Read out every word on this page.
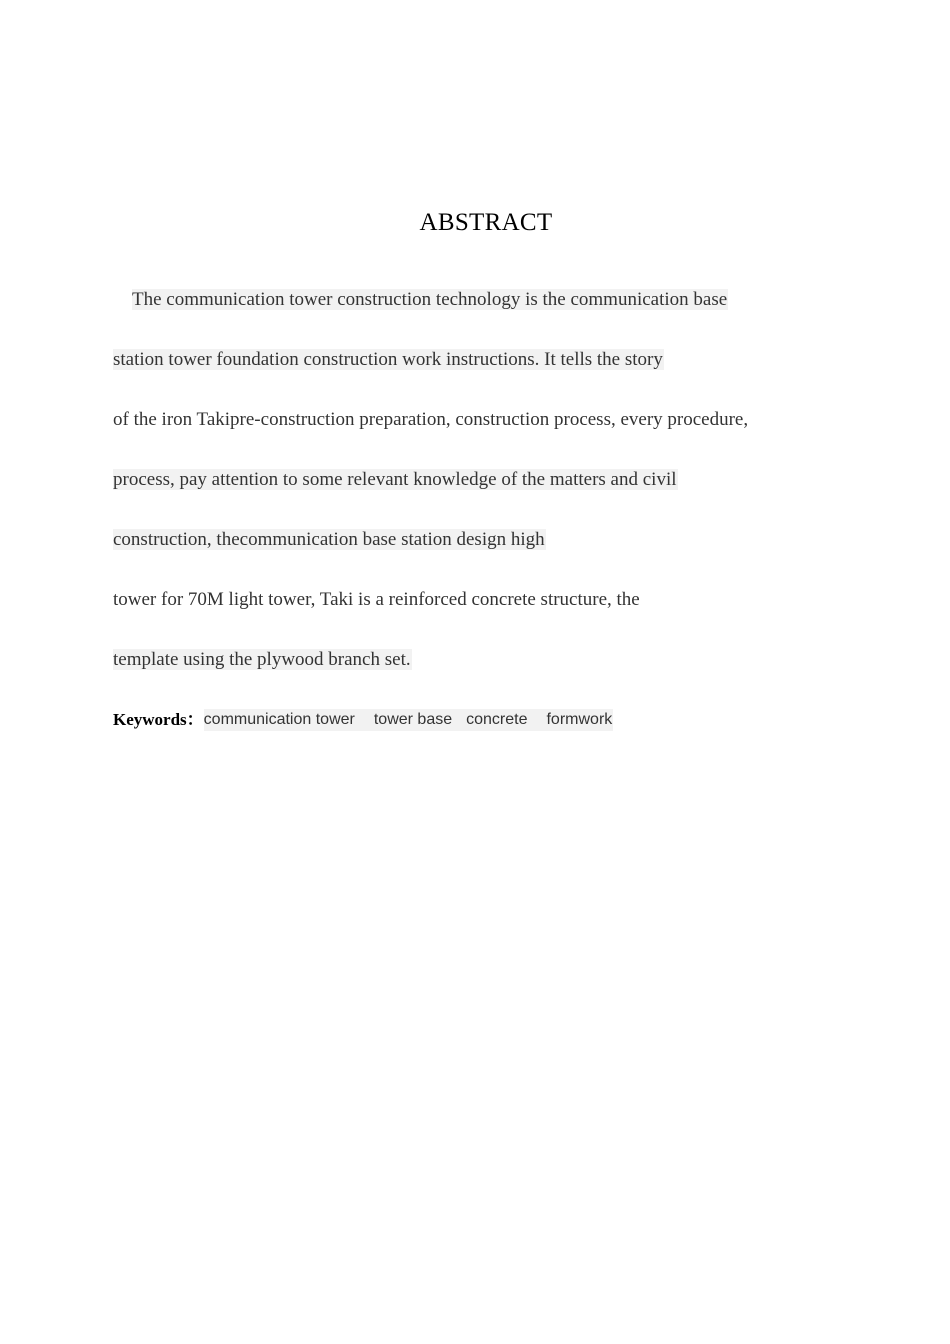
ABSTRACT
The communication tower construction technology is the communication base
station tower foundation construction work instructions. It tells the story
of the iron Takipre-construction preparation, construction process, every procedure,
process, pay attention to some relevant knowledge of the matters and civil
construction, thecommunication base station design high
tower for 70M light tower, Taki is a reinforced concrete structure, the
template using the plywood branch set.
Keywords：communication tower tower base concrete formwork
